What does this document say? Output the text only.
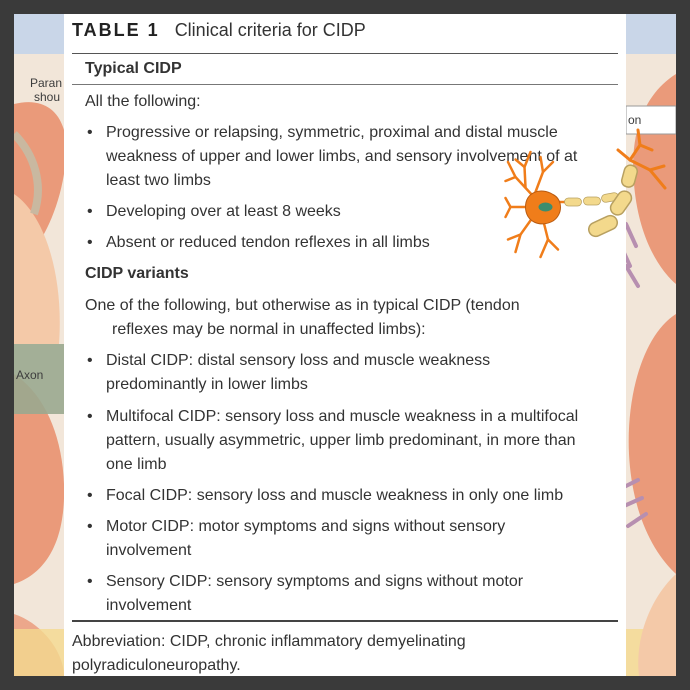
Paran
shou
Axon
on
TABLE 1 Clinical criteria for CIDP
Typical CIDP
All the following:
• Progressive or relapsing, symmetric, proximal and distal muscle weakness of upper and lower limbs, and sensory involvement of at least two limbs
• Developing over at least 8 weeks
• Absent or reduced tendon reflexes in all limbs
CIDP variants
One of the following, but otherwise as in typical CIDP (tendon
reflexes may be normal in unaffected limbs):
• Distal CIDP: distal sensory loss and muscle weakness predominantly in lower limbs
• Multifocal CIDP: sensory loss and muscle weakness in a multifocal pattern, usually asymmetric, upper limb predominant, in more than one limb
• Focal CIDP: sensory loss and muscle weakness in only one limb
• Motor CIDP: motor symptoms and signs without sensory involvement
• Sensory CIDP: sensory symptoms and signs without motor involvement
Abbreviation: CIDP, chronic inflammatory demyelinating polyradiculoneuropathy.
